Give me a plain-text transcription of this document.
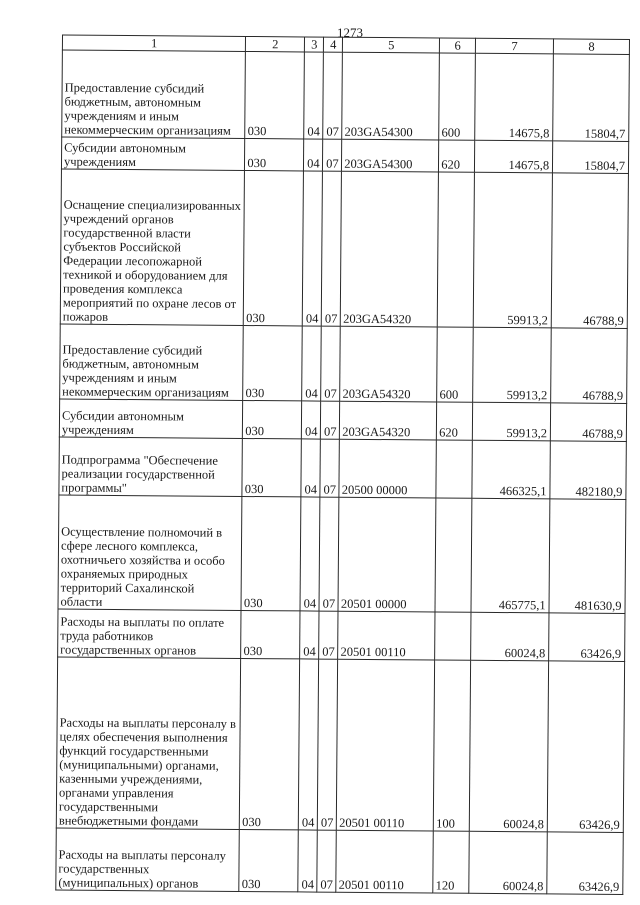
1273
1	2	3	4	5	6	7	8
Предоставление субсидий бюджетным, автономным учреждениям и иным некоммерческим организациям	030	04	07	203GA54300	600	14675,8	15804,7
Субсидии автономным учреждениям	030	04	07	203GA54300	620	14675,8	15804,7
Оснащение специализированных учреждений органов государственной власти субъектов Российской Федерации лесопожарной техникой и оборудованием для проведения комплекса мероприятий по охране лесов от пожаров	030	04	07	203GA54320		59913,2	46788,9
Предоставление субсидий бюджетным, автономным учреждениям и иным некоммерческим организациям	030	04	07	203GA54320	600	59913,2	46788,9
Субсидии автономным учреждениям	030	04	07	203GA54320	620	59913,2	46788,9
Подпрограмма "Обеспечение реализации государственной программы"	030	04	07	20500 00000		466325,1	482180,9
Осуществление полномочий в сфере лесного комплекса, охотничьего хозяйства и особо охраняемых природных территорий Сахалинской области	030	04	07	20501 00000		465775,1	481630,9
Расходы на выплаты по оплате труда работников государственных органов	030	04	07	20501 00110		60024,8	63426,9
Расходы на выплаты персоналу в целях обеспечения выполнения функций государственными (муниципальными) органами, казенными учреждениями, органами управления государственными внебюджетными фондами	030	04	07	20501 00110	100	60024,8	63426,9
Расходы на выплаты персоналу государственных (муниципальных) органов	030	04	07	20501 00110	120	60024,8	63426,9
